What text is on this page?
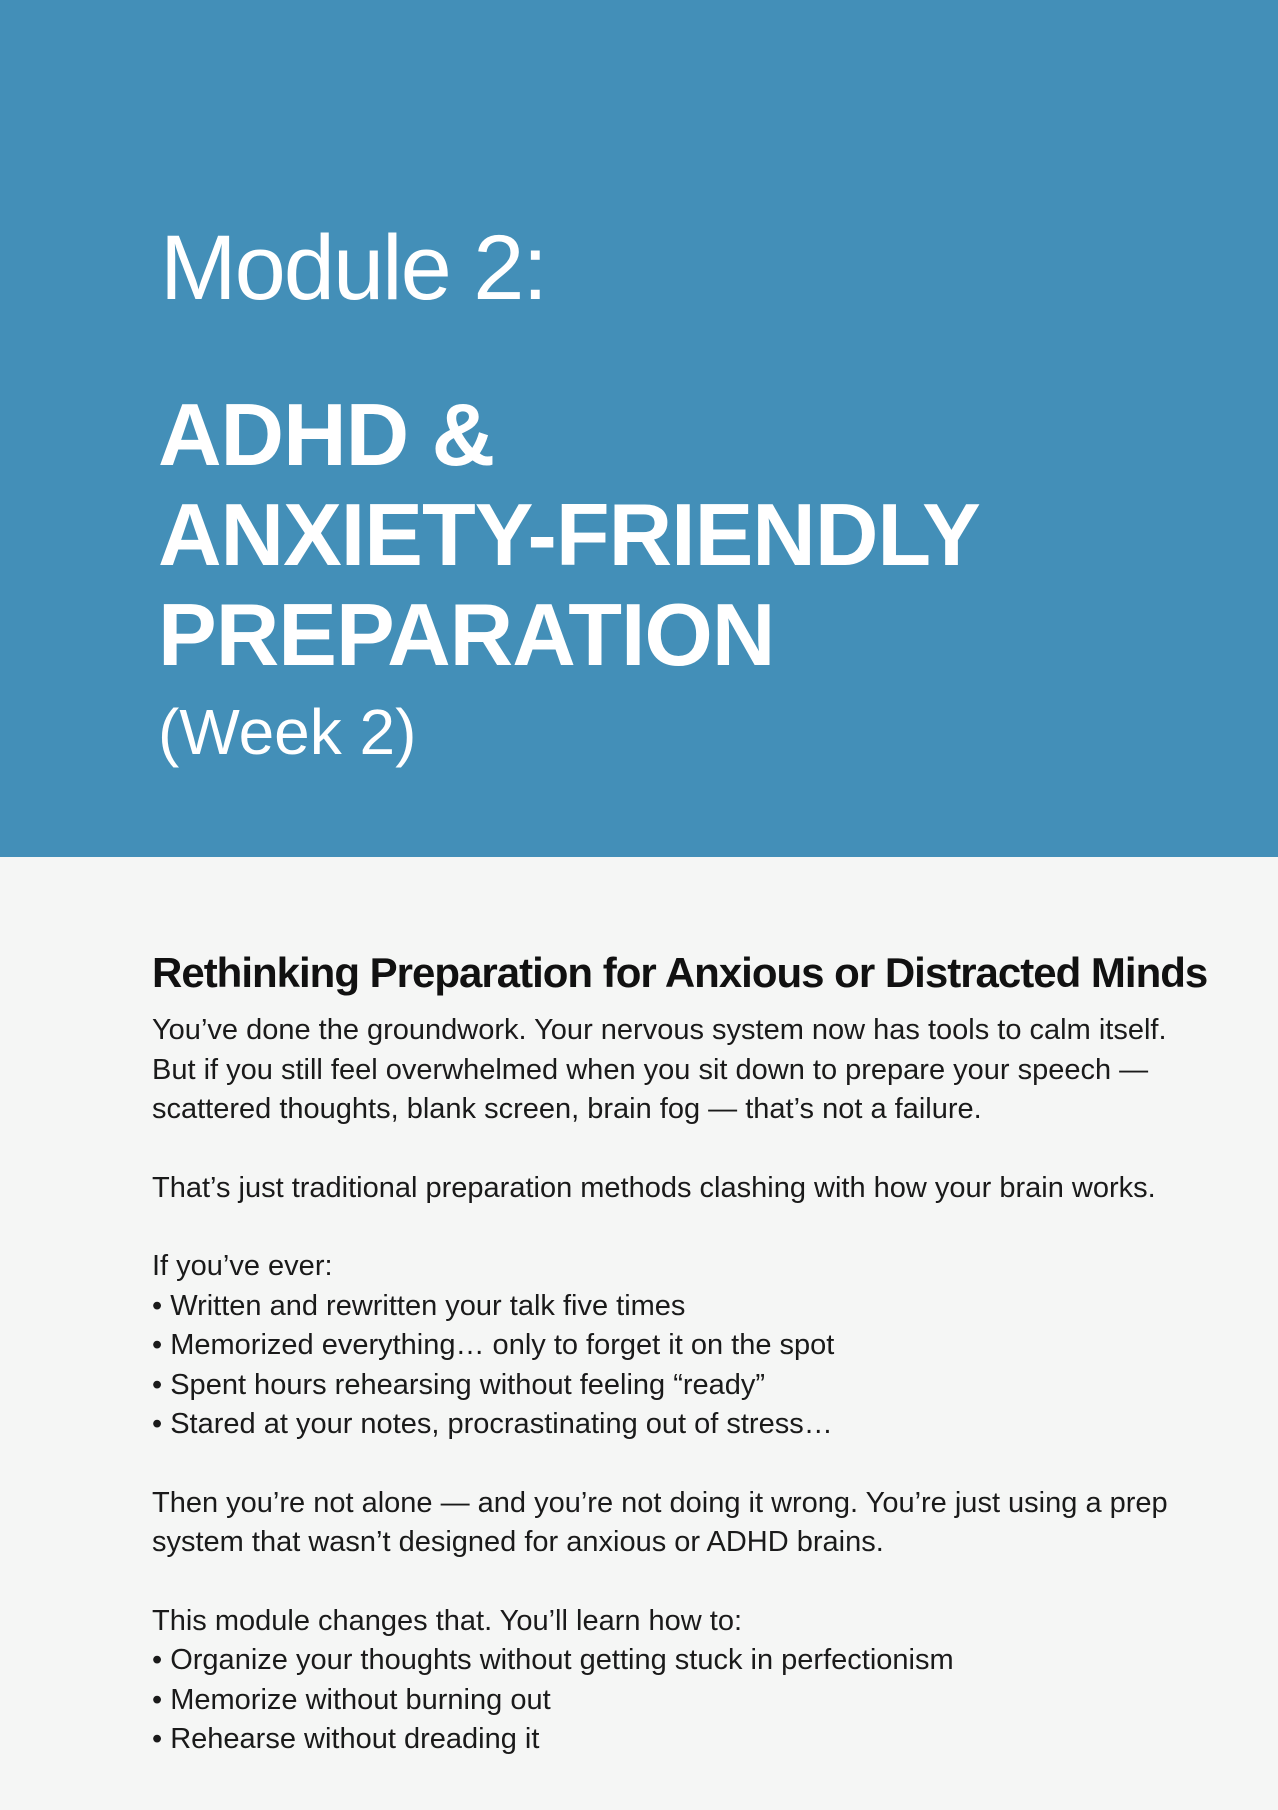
Module 2:
ADHD &
ANXIETY-FRIENDLY
PREPARATION
(Week 2)
Rethinking Preparation for Anxious or Distracted Minds

You’ve done the groundwork. Your nervous system now has tools to calm itself. But if you still feel overwhelmed when you sit down to prepare your speech — scattered thoughts, blank screen, brain fog — that’s not a failure.

That’s just traditional preparation methods clashing with how your brain works.

If you’ve ever:

• Written and rewritten your talk five times
• Memorized everything… only to forget it on the spot
• Spent hours rehearsing without feeling “ready”
• Stared at your notes, procrastinating out of stress…

Then you’re not alone — and you’re not doing it wrong. You’re just using a prep system that wasn’t designed for anxious or ADHD brains.

This module changes that. You’ll learn how to:

• Organize your thoughts without getting stuck in perfectionism
• Memorize without burning out
• Rehearse without dreading it
